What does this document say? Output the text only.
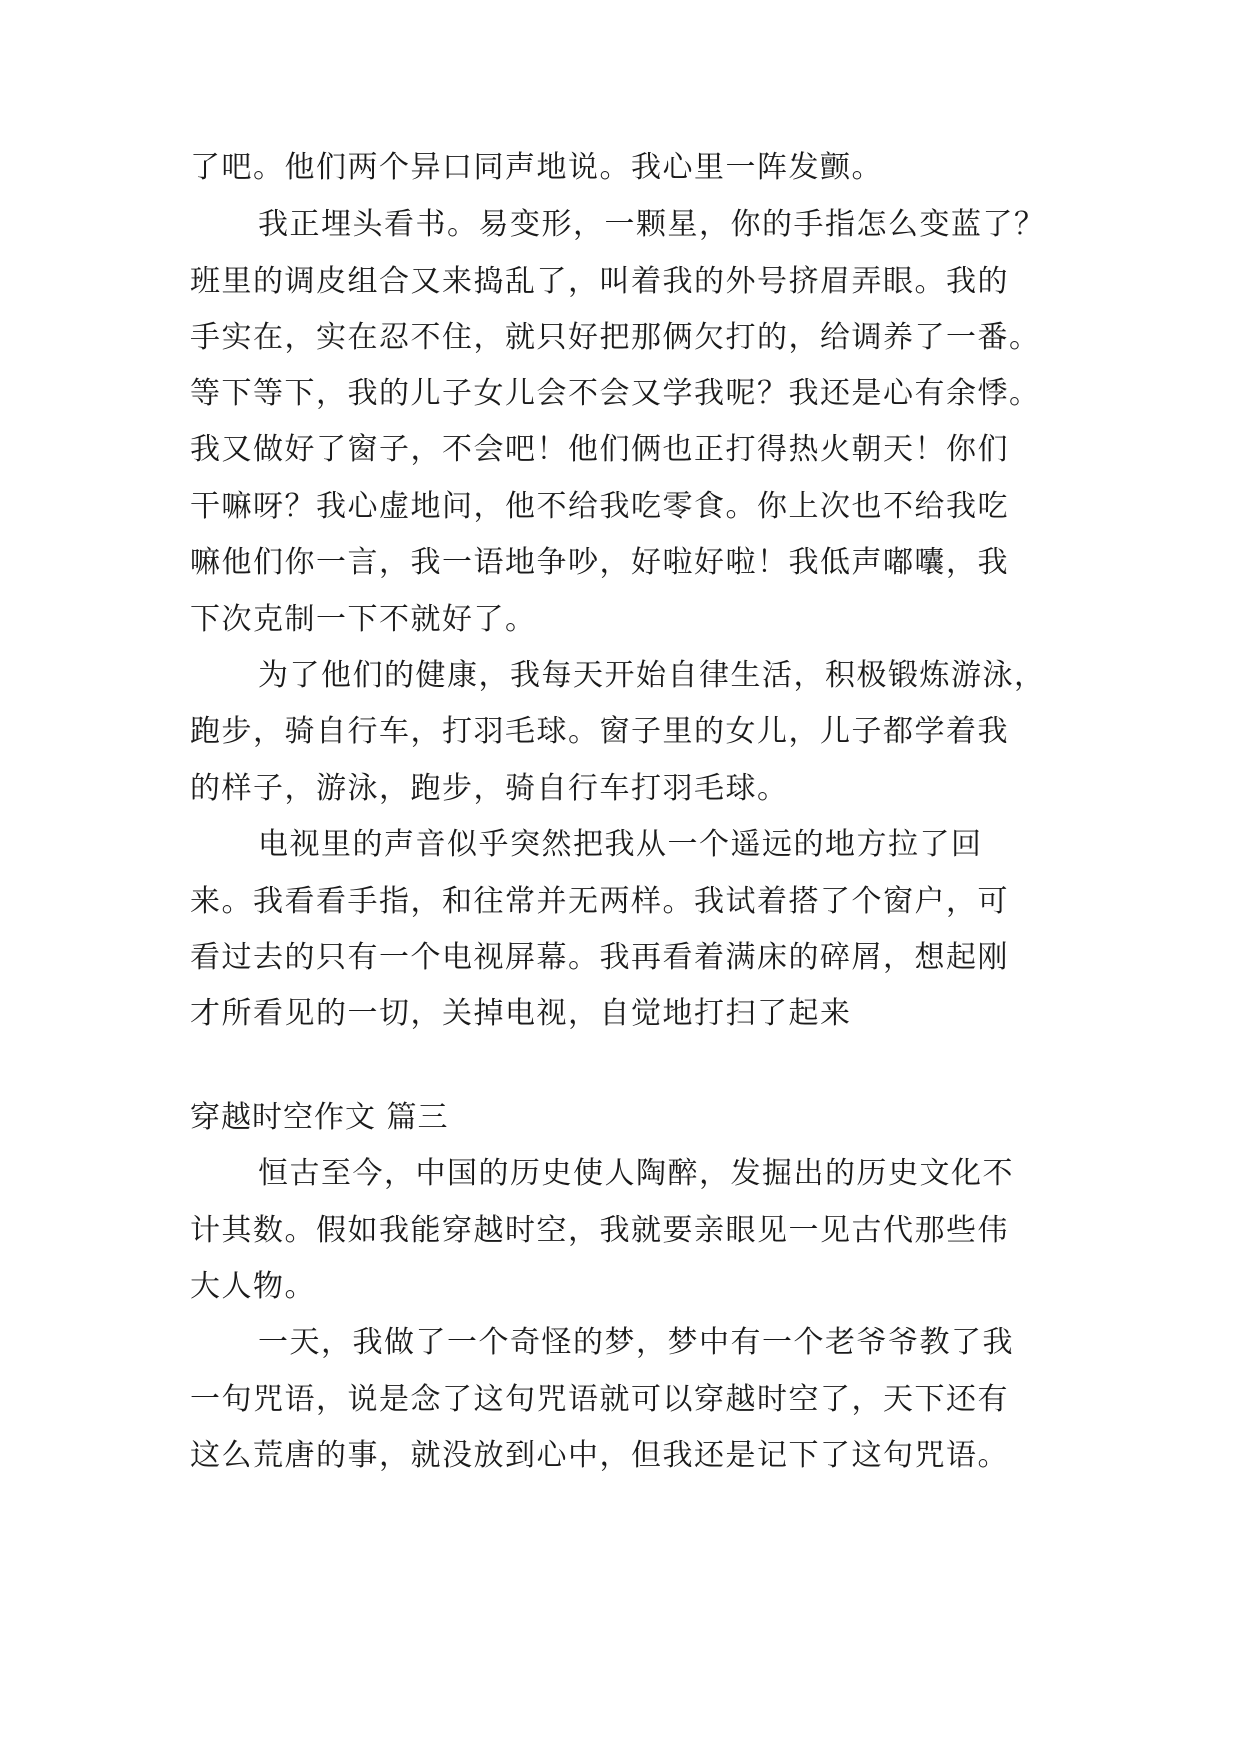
了吧。他们两个异口同声地说。我心里一阵发颤。
我正埋头看书。易变形，一颗星，你的手指怎么变蓝了？
班里的调皮组合又来捣乱了，叫着我的外号挤眉弄眼。我的
手实在，实在忍不住，就只好把那俩欠打的，给调养了一番。
等下等下，我的儿子女儿会不会又学我呢？我还是心有余悸。
我又做好了窗子，不会吧！他们俩也正打得热火朝天！你们
干嘛呀？我心虚地问，他不给我吃零食。你上次也不给我吃
嘛他们你一言，我一语地争吵，好啦好啦！我低声嘟囔，我
下次克制一下不就好了。
为了他们的健康，我每天开始自律生活，积极锻炼游泳，
跑步，骑自行车，打羽毛球。窗子里的女儿，儿子都学着我
的样子，游泳，跑步，骑自行车打羽毛球。
电视里的声音似乎突然把我从一个遥远的地方拉了回
来。我看看手指，和往常并无两样。我试着搭了个窗户，可
看过去的只有一个电视屏幕。我再看着满床的碎屑，想起刚
才所看见的一切，关掉电视，自觉地打扫了起来
穿越时空作文 篇三
恒古至今，中国的历史使人陶醉，发掘出的历史文化不
计其数。假如我能穿越时空，我就要亲眼见一见古代那些伟
大人物。
一天，我做了一个奇怪的梦，梦中有一个老爷爷教了我
一句咒语，说是念了这句咒语就可以穿越时空了，天下还有
这么荒唐的事，就没放到心中，但我还是记下了这句咒语。
